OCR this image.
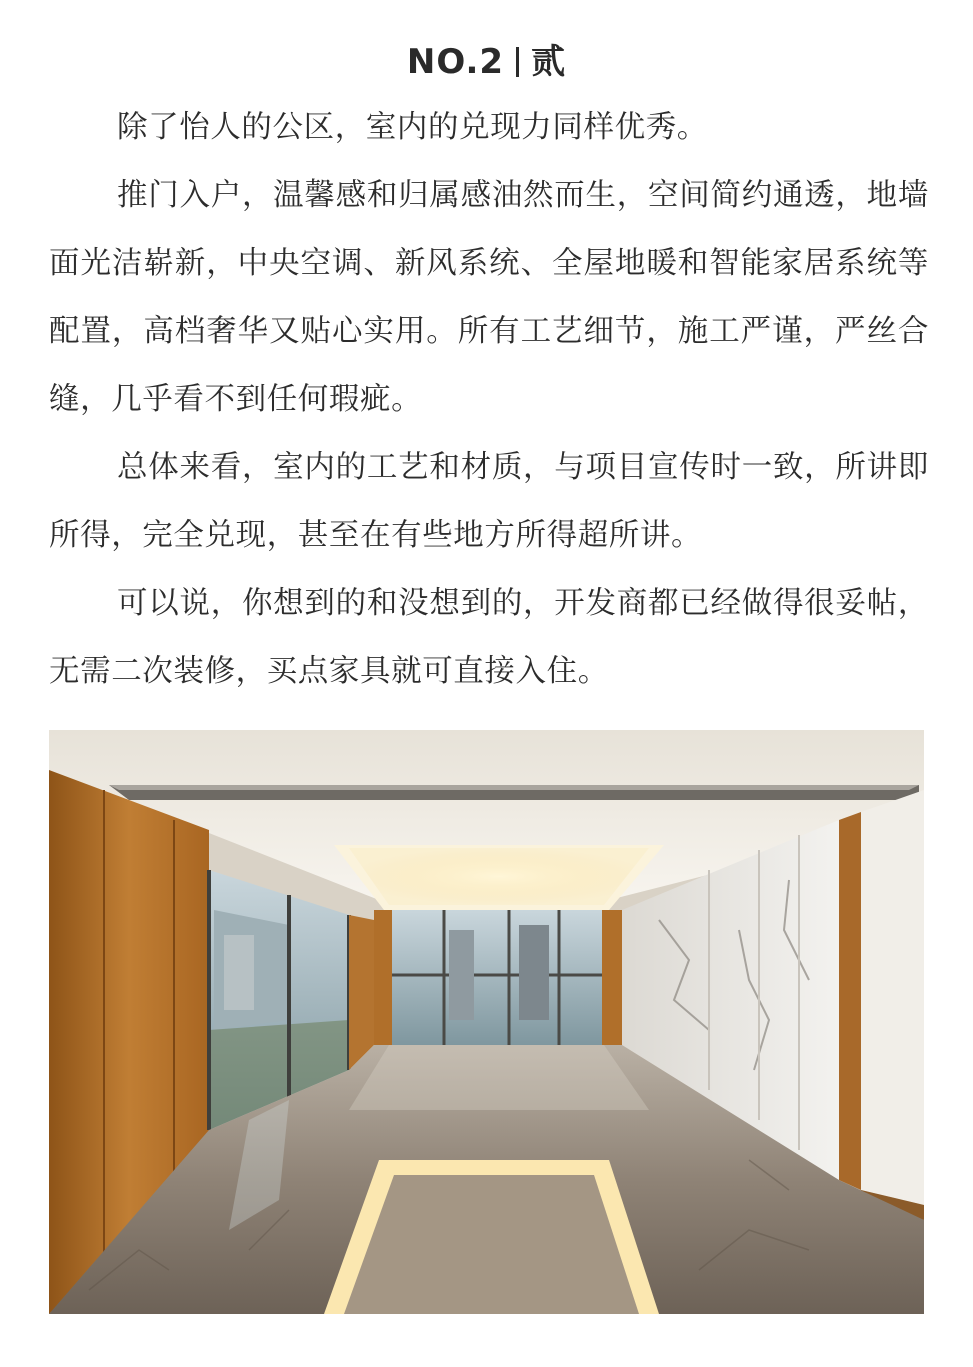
NO.2 贰

除了怡人的公区，室内的兑现力同样优秀。

推门入户，温馨感和归属感油然而生，空间简约通透，地墙面光洁崭新，中央空调、新风系统、全屋地暖和智能家居系统等配置，高档奢华又贴心实用。所有工艺细节，施工严谨，严丝合缝，几乎看不到任何瑕疵。

总体来看，室内的工艺和材质，与项目宣传时一致，所讲即所得，完全兑现，甚至在有些地方所得超所讲。

可以说，你想到的和没想到的，开发商都已经做得很妥帖，无需二次装修，买点家具就可直接入住。
